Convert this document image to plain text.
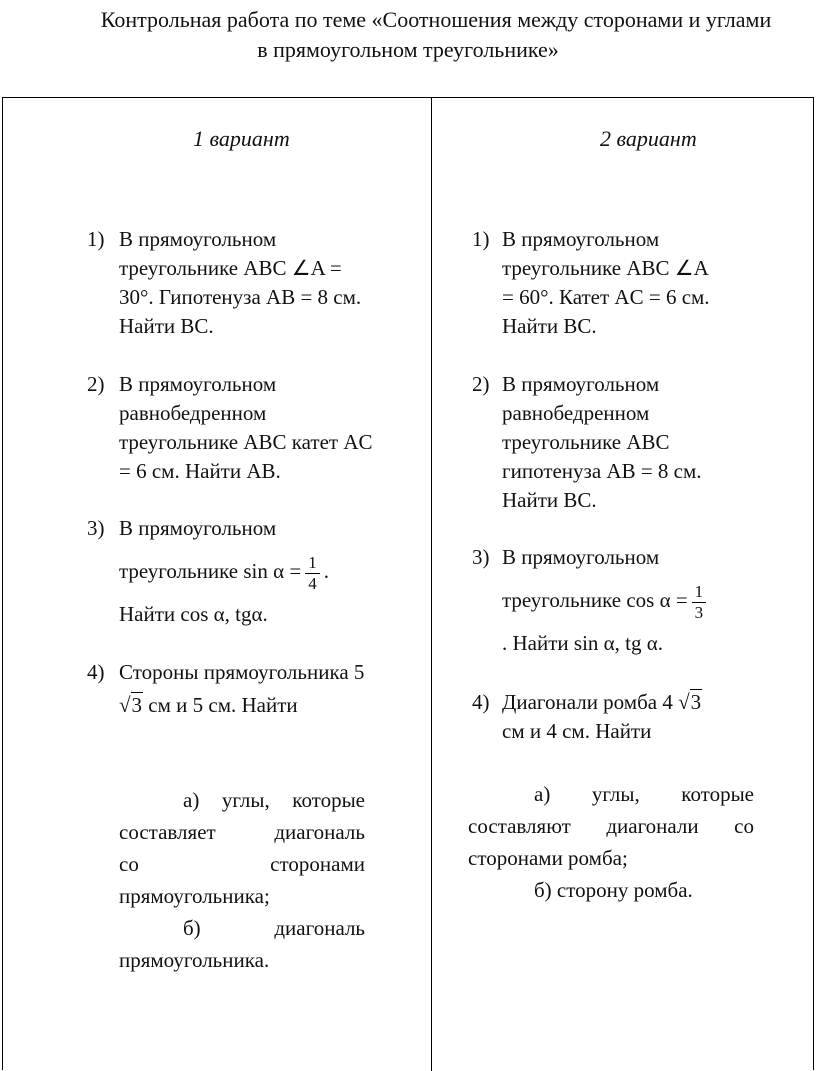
Контрольная работа по теме «Соотношения между сторонами и углами
в прямоугольном треугольнике»
1 вариант
1) В прямоугольном
треугольнике ABC ∠A =
30°. Гипотенуза AB = 8 см.
Найти BC.
2) В прямоугольном
равнобедренном
треугольнике ABC катет AC
= 6 см. Найти AB.
3) В прямоугольном
треугольнике $\sin \alpha = \frac{1}{4}$ .
Найти cos α, tgα.
4) Стороны прямоугольника 5
√3 см и 5 см. Найти
а) углы, которые
составляет диагональ
со сторонами
прямоугольника;
б) диагональ
прямоугольника.
2 вариант
1) В прямоугольном
треугольнике ABC ∠A
= 60°. Катет AC = 6 см.
Найти BC.
2) В прямоугольном
равнобедренном
треугольнике ABC
гипотенуза AB = 8 см.
Найти BC.
3) В прямоугольном
треугольнике $\cos \alpha = \frac{1}{3}$
. Найти sin α, tg α.
4) Диагонали ромба 4 √3
см и 4 см. Найти
а) углы, которые
составляют диагонали со
сторонами ромба;
б) сторону ромба.
